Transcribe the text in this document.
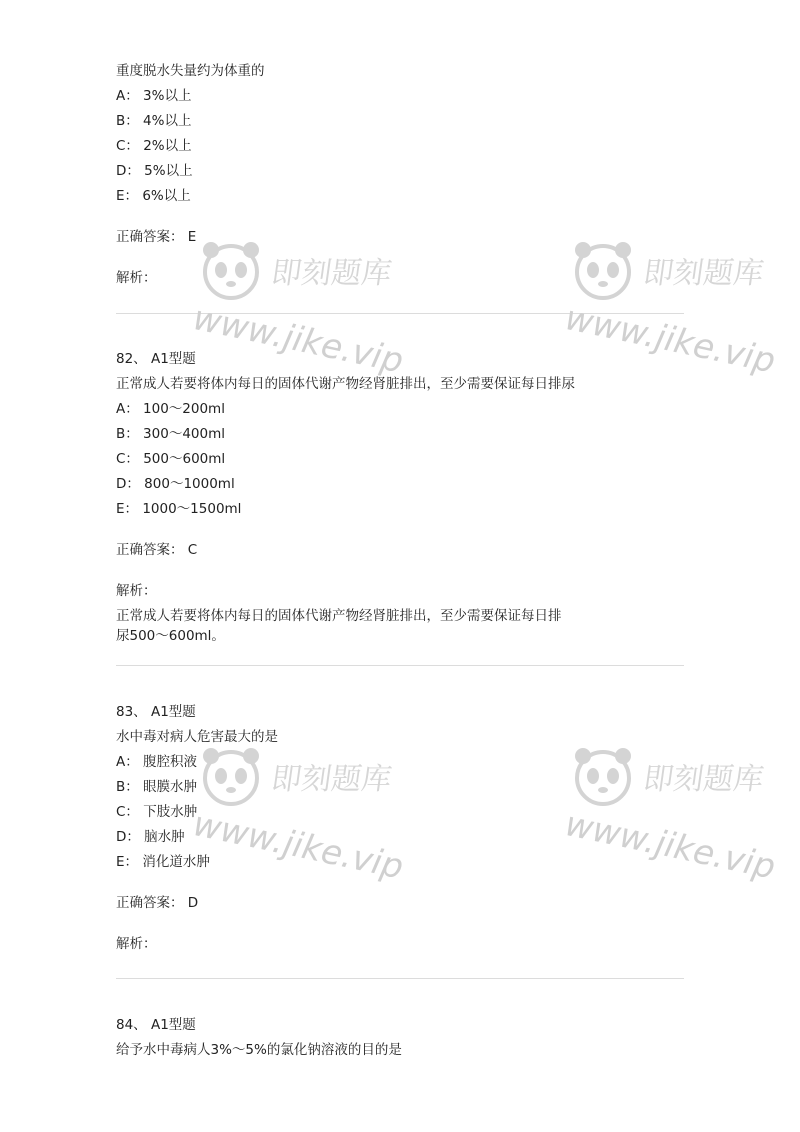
重度脱水失量约为体重的
A： 3%以上
B： 4%以上
C： 2%以上
D： 5%以上
E： 6%以上
正确答案： E
解析：
82、 A1型题
正常成人若要将体内每日的固体代谢产物经肾脏排出，至少需要保证每日排尿
A： 100～200ml
B： 300～400ml
C： 500～600ml
D： 800～1000ml
E： 1000～1500ml
正确答案： C
解析：
正常成人若要将体内每日的固体代谢产物经肾脏排出，至少需要保证每日排
尿500～600ml。
83、 A1型题
水中毒对病人危害最大的是
A： 腹腔积液
B： 眼膜水肿
C： 下肢水肿
D： 脑水肿
E： 消化道水肿
正确答案： D
解析：
84、 A1型题
给予水中毒病人3%～5%的氯化钠溶液的目的是
即刻题库
www.jike.vip
即刻题库
www.jike.vip
即刻题库
www.jike.vip
即刻题库
www.jike.vip
